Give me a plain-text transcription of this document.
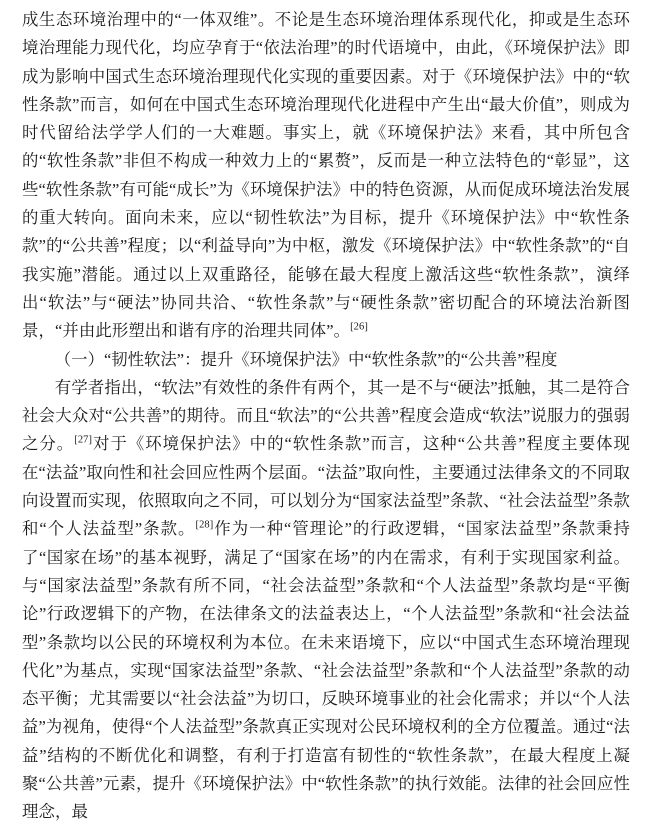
成生态环境治理中的“一体双维”。不论是生态环境治理体系现代化，抑或是生态环境治理能力现代化，均应孕育于“依法治理”的时代语境中，由此，《环境保护法》即成为影响中国式生态环境治理现代化实现的重要因素。对于《环境保护法》中的“软性条款”而言，如何在中国式生态环境治理现代化进程中产生出“最大价值”，则成为时代留给法学学人们的一大难题。事实上，就《环境保护法》来看，其中所包含的“软性条款”非但不构成一种效力上的“累赘”，反而是一种立法特色的“彰显”，这些“软性条款”有可能“成长”为《环境保护法》中的特色资源，从而促成环境法治发展的重大转向。面向未来，应以“韧性软法”为目标，提升《环境保护法》中“软性条款”的“公共善”程度；以“利益导向”为中枢，激发《环境保护法》中“软性条款”的“自我实施”潜能。通过以上双重路径，能够在最大程度上激活这些“软性条款”，演绎出“软法”与“硬法”协同共洽、“软性条款”与“硬性条款”密切配合的环境法治新图景，“并由此形塑出和谐有序的治理共同体”。[26]

（一）“韧性软法”：提升《环境保护法》中“软性条款”的“公共善”程度

有学者指出，“软法”有效性的条件有两个，其一是不与“硬法”抵触，其二是符合社会大众对“公共善”的期待。而且“软法”的“公共善”程度会造成“软法”说服力的强弱之分。[27]对于《环境保护法》中的“软性条款”而言，这种“公共善”程度主要体现在“法益”取向性和社会回应性两个层面。“法益”取向性，主要通过法律条文的不同取向设置而实现，依照取向之不同，可以划分为“国家法益型”条款、“社会法益型”条款和“个人法益型”条款。[28]作为一种“管理论”的行政逻辑，“国家法益型”条款秉持了“国家在场”的基本视野，满足了“国家在场”的内在需求，有利于实现国家利益。与“国家法益型”条款有所不同，“社会法益型”条款和“个人法益型”条款均是“平衡论”行政逻辑下的产物，在法律条文的法益表达上，“个人法益型”条款和“社会法益型”条款均以公民的环境权利为本位。在未来语境下，应以“中国式生态环境治理现代化”为基点，实现“国家法益型”条款、“社会法益型”条款和“个人法益型”条款的动态平衡；尤其需要以“社会法益”为切口，反映环境事业的社会化需求；并以“个人法益”为视角，使得“个人法益型”条款真正实现对公民环境权利的全方位覆盖。通过“法益”结构的不断优化和调整，有利于打造富有韧性的“软性条款”，在最大程度上凝聚“公共善”元素，提升《环境保护法》中“软性条款”的执行效能。法律的社会回应性理念，最
